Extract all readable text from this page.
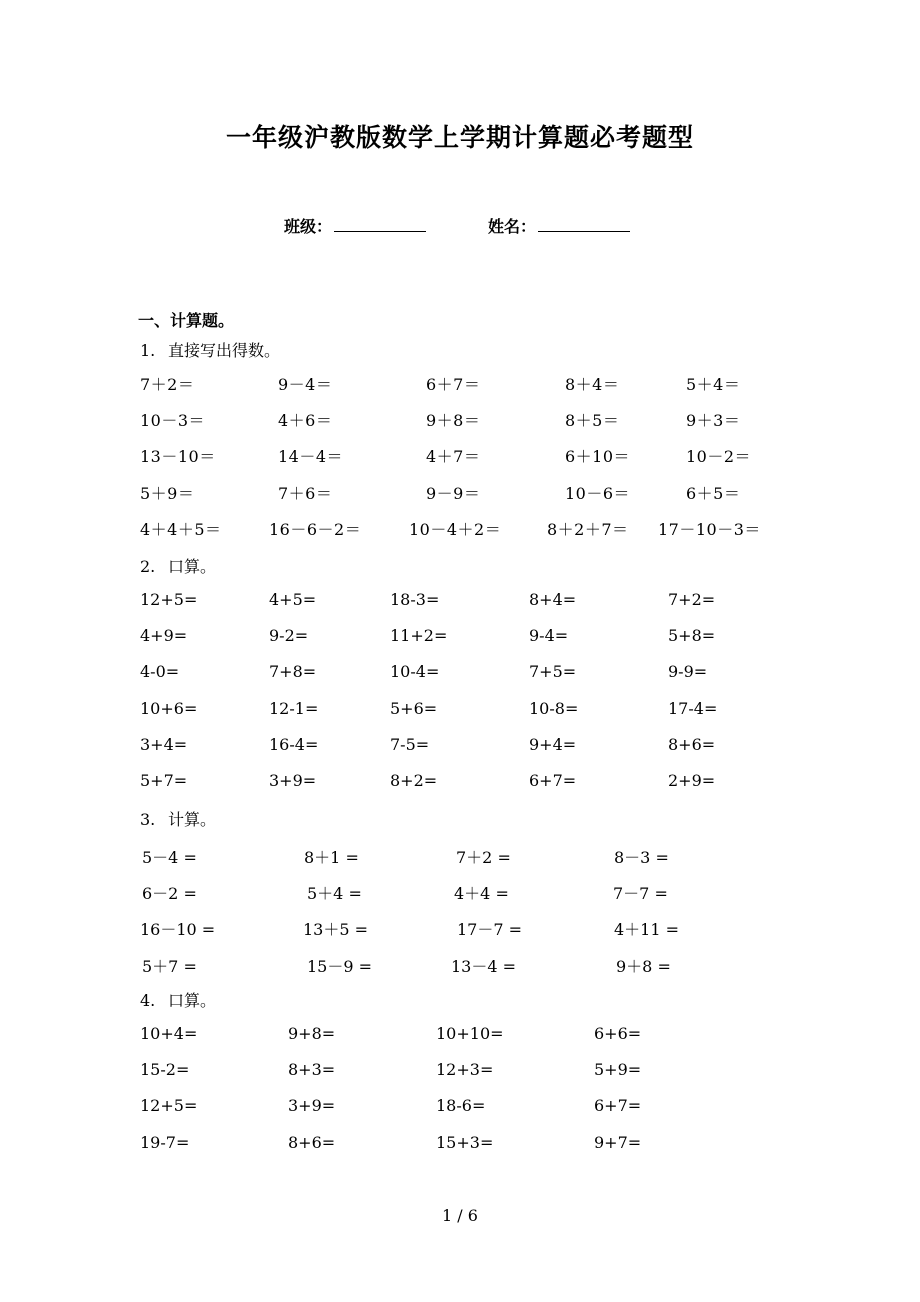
一年级沪教版数学上学期计算题必考题型
班级：	姓名：
一、计算题。
1. 直接写出得数。
7＋2＝	9－4＝	6＋7＝	8＋4＝	5＋4＝
10－3＝	4＋6＝	9＋8＝	8＋5＝	9＋3＝
13－10＝	14－4＝	4＋7＝	6＋10＝	10－2＝
5＋9＝	7＋6＝	9－9＝	10－6＝	6＋5＝
4＋4＋5＝	16－6－2＝	10－4＋2＝	8＋2＋7＝ 17－10－3＝
2. 口算。
12+5=	4+5=	18-3=	8+4=	7+2=
4+9=	9-2=	11+2=	9-4=	5+8=
4-0=	7+8=	10-4=	7+5=	9-9=
10+6=	12-1=	5+6=	10-8=	17-4=
3+4=	16-4=	7-5=	9+4=	8+6=
5+7=	3+9=	8+2=	6+7=	2+9=
3. 计算。
5－4 =	8＋1 =	7＋2 =	8－3 =
6－2 =	5＋4 =	4＋4 =	7－7 =
16－10 =	13＋5 =	17－7 =	4＋11 =
5＋7 =	15－9 =	13－4 =	9＋8 =
4. 口算。
10+4=	9+8=	10+10=	6+6=
15-2=	8+3=	12+3=	5+9=
12+5=	3+9=	18-6=	6+7=
19-7=	8+6=	15+3=	9+7=
1 / 6
